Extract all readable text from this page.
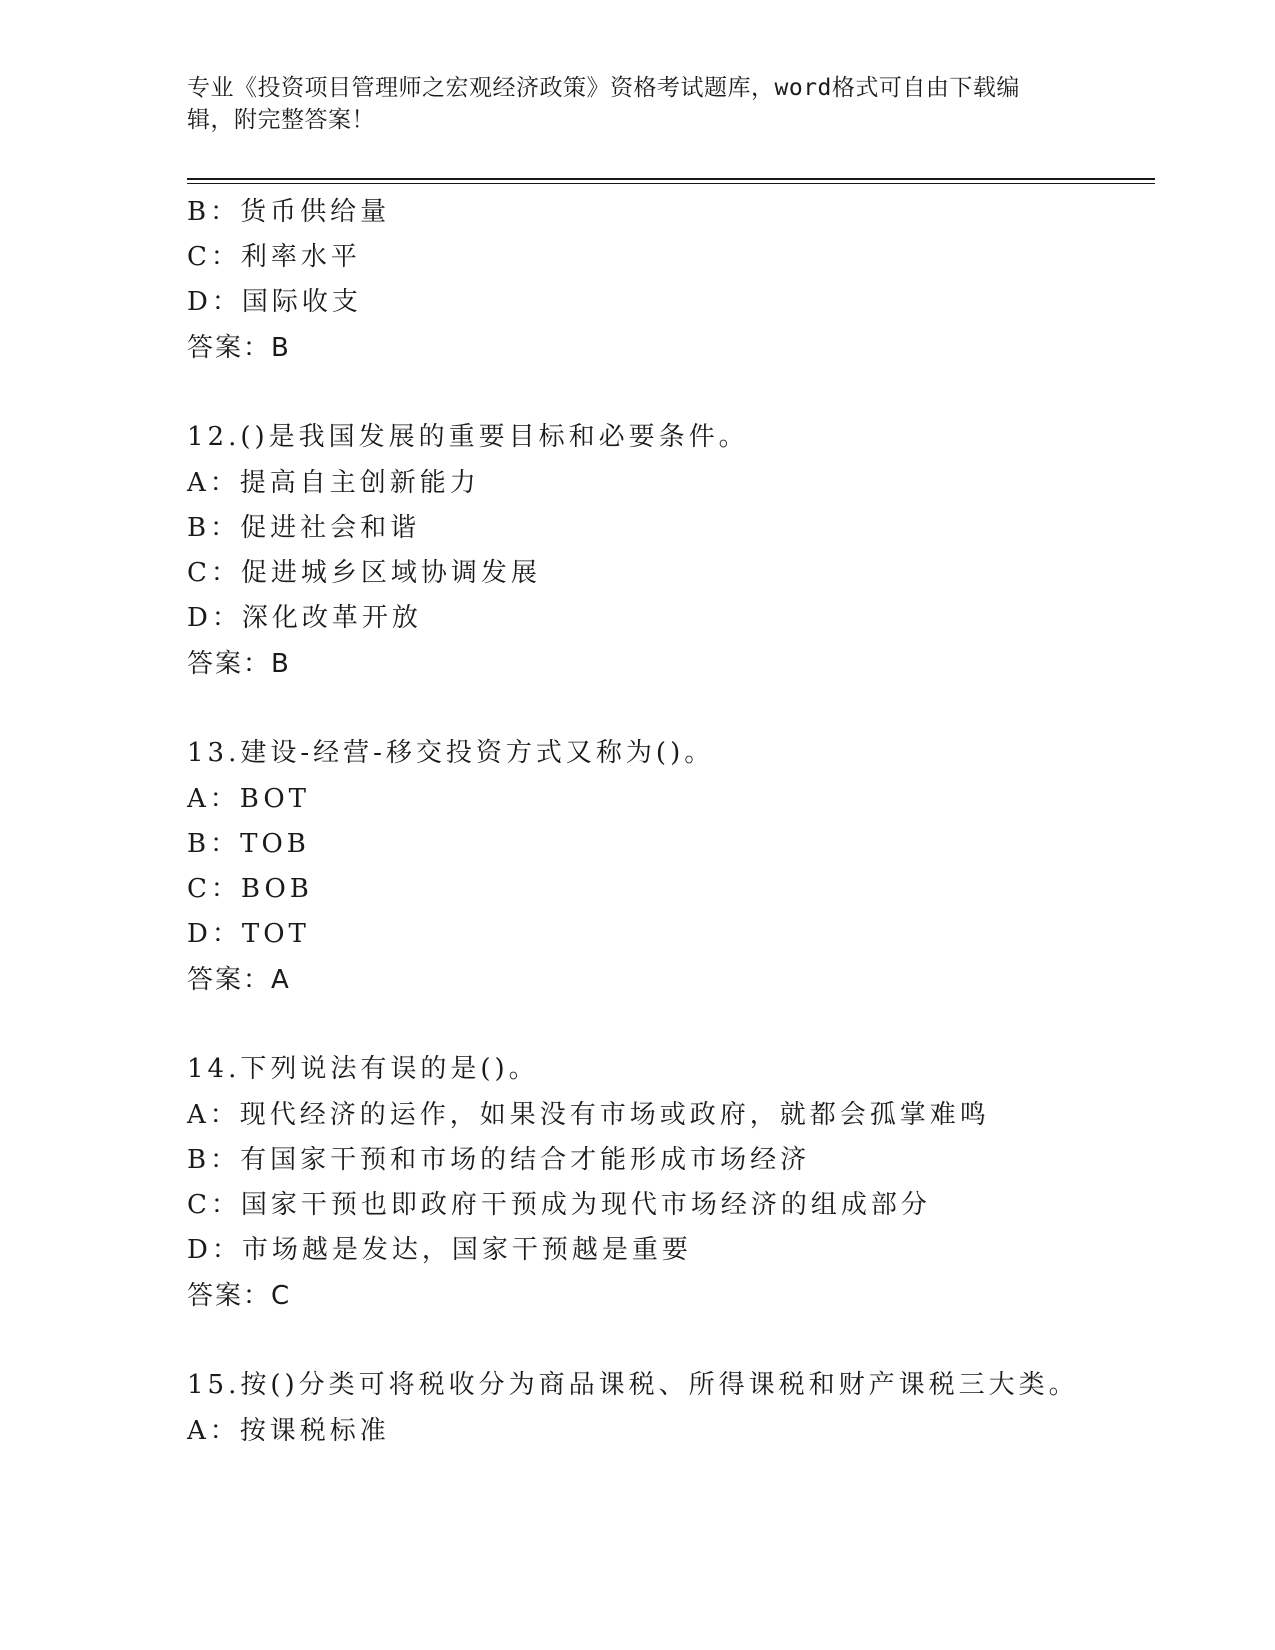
专业《投资项目管理师之宏观经济政策》资格考试题库，word格式可自由下载编
辑，附完整答案！
B：货币供给量
C：利率水平
D：国际收支
答案：B
12.()是我国发展的重要目标和必要条件。
A：提高自主创新能力
B：促进社会和谐
C：促进城乡区域协调发展
D：深化改革开放
答案：B
13.建设-经营-移交投资方式又称为()。
A：BOT
B：TOB
C：BOB
D：TOT
答案：A
14.下列说法有误的是()。
A：现代经济的运作，如果没有市场或政府，就都会孤掌难鸣
B：有国家干预和市场的结合才能形成市场经济
C：国家干预也即政府干预成为现代市场经济的组成部分
D：市场越是发达，国家干预越是重要
答案：C
15.按()分类可将税收分为商品课税、所得课税和财产课税三大类。
A：按课税标准
